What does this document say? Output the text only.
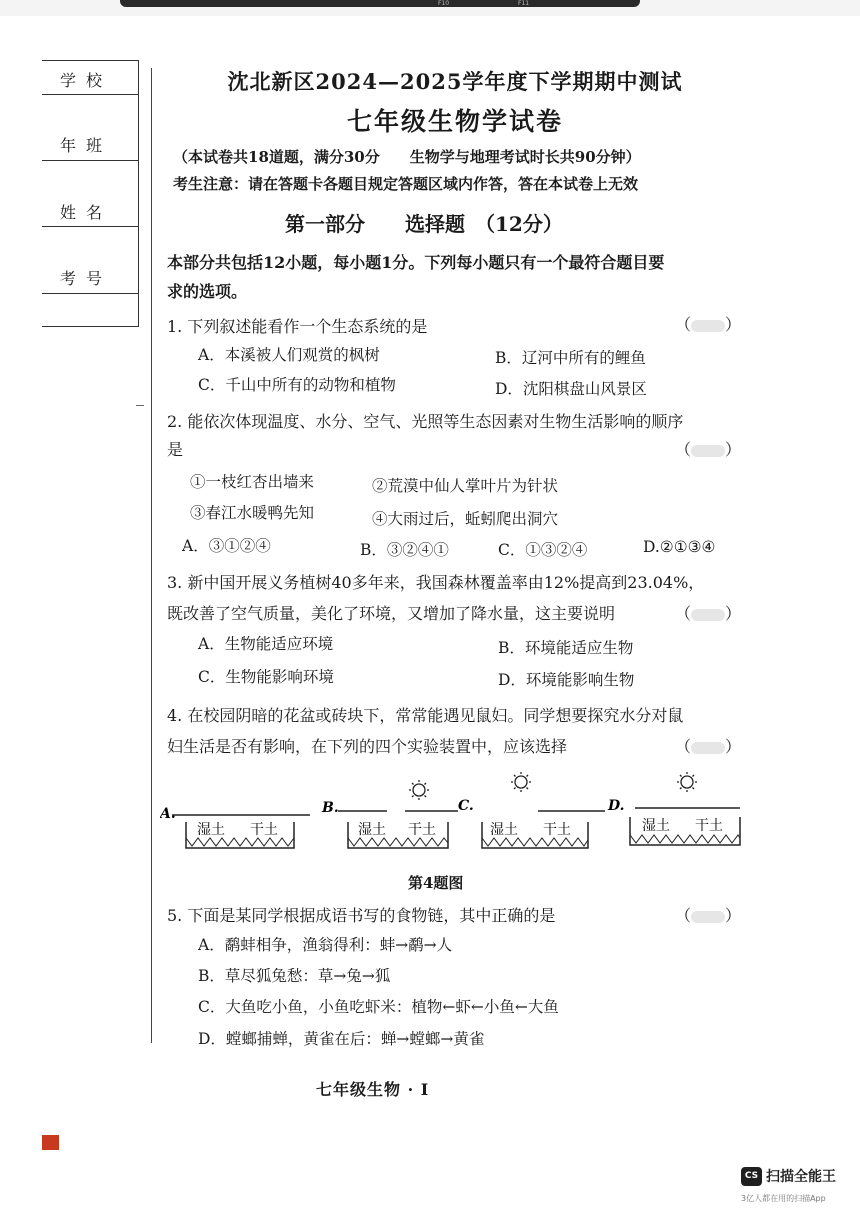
F10	F11
学校
年班
姓名
考号
沈北新区2024—2025学年度下学期期中测试
七年级生物学试卷
（本试卷共18道题，满分30分　　生物学与地理考试时长共90分钟）
考生注意：请在答题卡各题目规定答题区域内作答，答在本试卷上无效
第一部分　　选择题　（12分）
本部分共包括12小题，每小题1分。下列每小题只有一个最符合题目要
求的选项。
1. 下列叙述能看作一个生态系统的是	（ ）
A．本溪被人们观赏的枫树	B．辽河中所有的鲤鱼
C．千山中所有的动物和植物	D．沈阳棋盘山风景区
2. 能依次体现温度、水分、空气、光照等生态因素对生物生活影响的顺序
是	（ ）
①一枝红杏出墙来	②荒漠中仙人掌叶片为针状
③春江水暖鸭先知	④大雨过后，蚯蚓爬出洞穴
A．③①②④	B．③②④①	C．①③②④	D.②①③④
3. 新中国开展义务植树40多年来，我国森林覆盖率由12%提高到23.04%，
既改善了空气质量，美化了环境，又增加了降水量，这主要说明	（ ）
A．生物能适应环境	B．环境能适应生物
C．生物能影响环境	D．环境能影响生物
4. 在校园阴暗的花盆或砖块下，常常能遇见鼠妇。同学想要探究水分对鼠
妇生活是否有影响，在下列的四个实验装置中，应该选择	（ ）
A.
湿土 干土
B.
湿土 干土
C.
湿土 干土
D.
湿土 干土
第4题图
5. 下面是某同学根据成语书写的食物链，其中正确的是	（ ）
A．鹬蚌相争，渔翁得利：蚌→鹬→人
B．草尽狐兔愁：草→兔→狐
C．大鱼吃小鱼，小鱼吃虾米：植物←虾←小鱼←大鱼
D．螳螂捕蝉，黄雀在后：蝉→螳螂→黄雀
七年级生物 · Ⅰ
CS 扫描全能王
3亿人都在用的扫描App
